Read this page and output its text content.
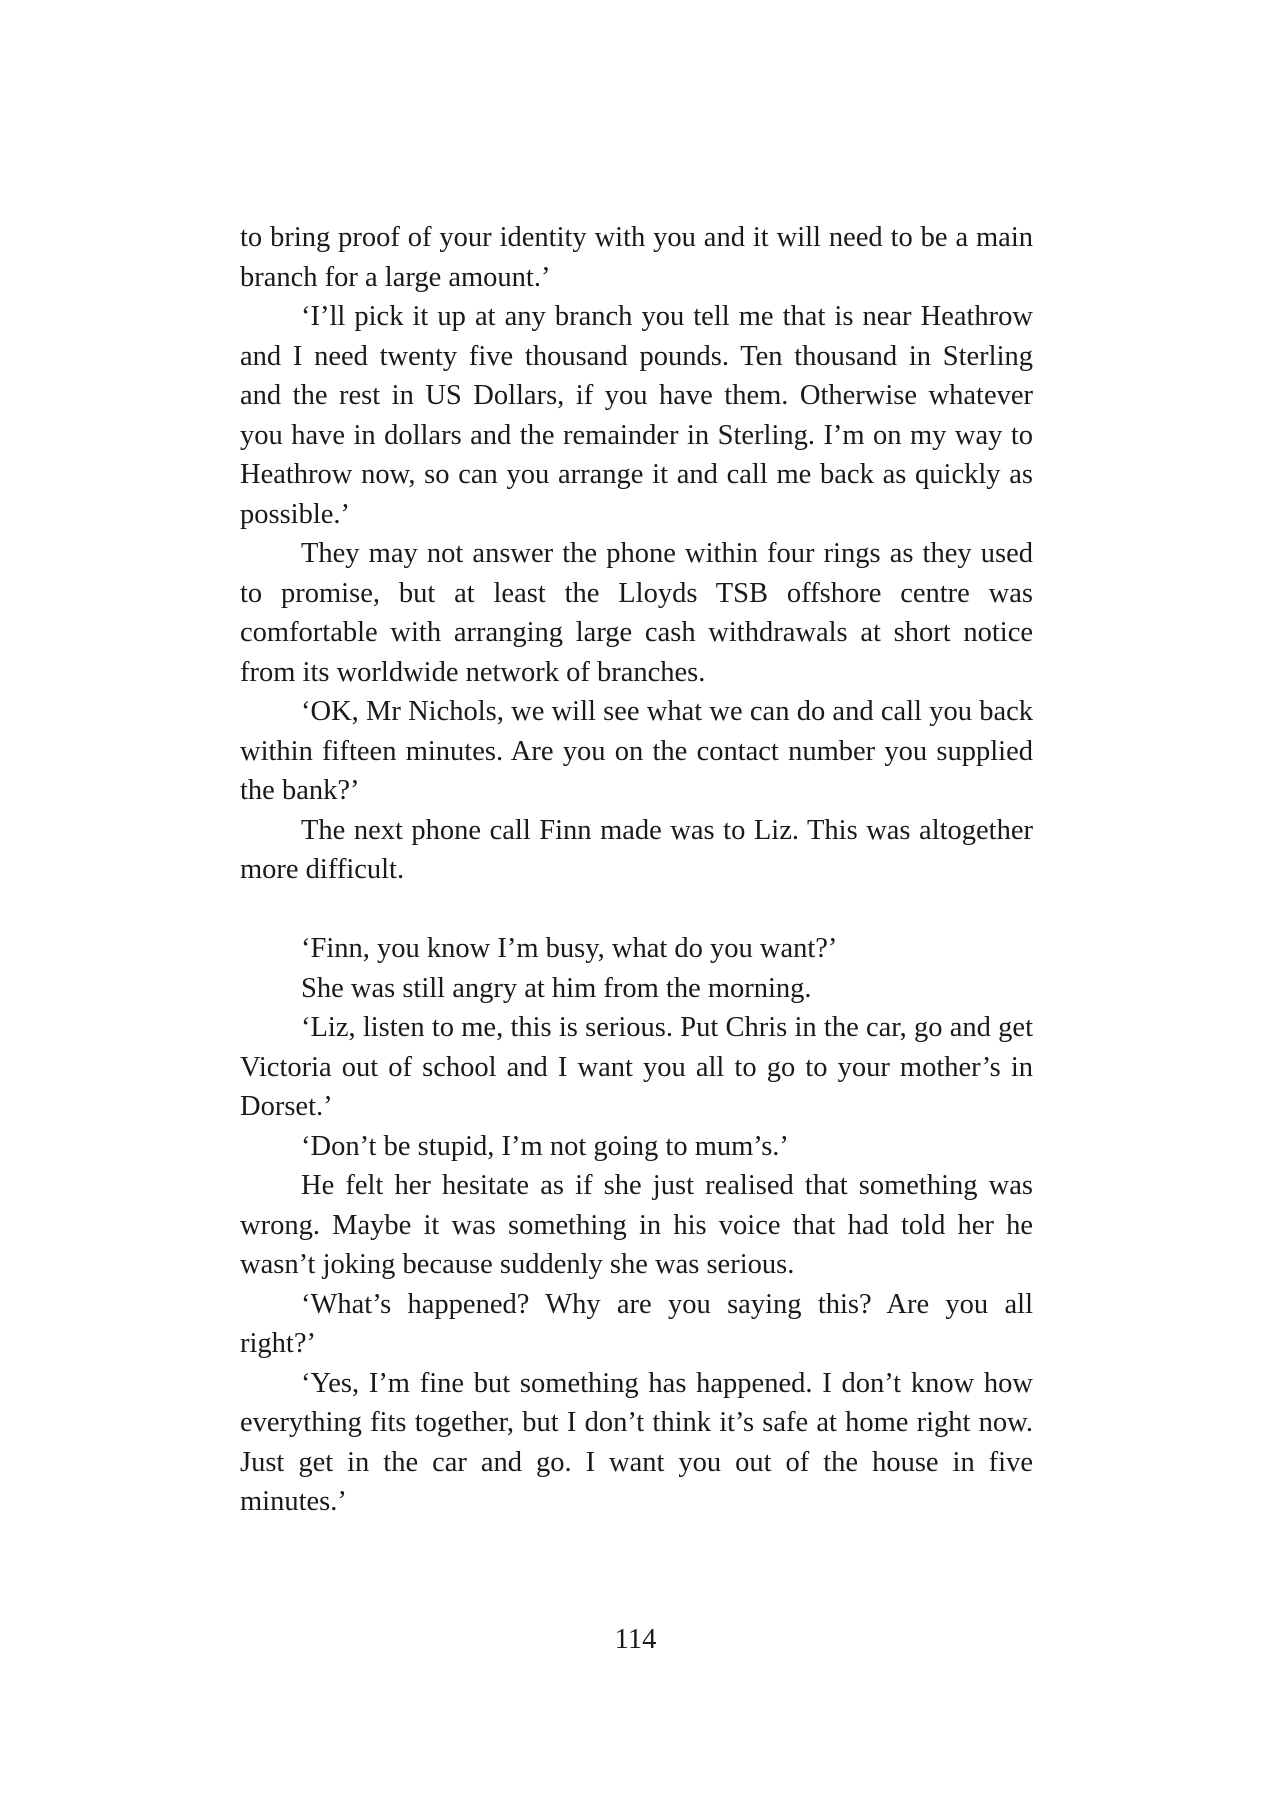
to bring proof of your identity with you and it will need to be a main branch for a large amount.’

‘I’ll pick it up at any branch you tell me that is near Heathrow and I need twenty five thousand pounds. Ten thousand in Sterling and the rest in US Dollars, if you have them. Otherwise whatever you have in dollars and the remainder in Sterling. I’m on my way to Heathrow now, so can you arrange it and call me back as quickly as possible.’

They may not answer the phone within four rings as they used to promise, but at least the Lloyds TSB offshore centre was comfortable with arranging large cash withdrawals at short notice from its worldwide network of branches.

‘OK, Mr Nichols, we will see what we can do and call you back within fifteen minutes. Are you on the contact number you supplied the bank?’

The next phone call Finn made was to Liz. This was altogether more difficult.

‘Finn, you know I’m busy, what do you want?’

She was still angry at him from the morning.

‘Liz, listen to me, this is serious. Put Chris in the car, go and get Victoria out of school and I want you all to go to your mother’s in Dorset.’

‘Don’t be stupid, I’m not going to mum’s.’

He felt her hesitate as if she just realised that something was wrong. Maybe it was something in his voice that had told her he wasn’t joking because suddenly she was serious.

‘What’s happened? Why are you saying this? Are you all right?’

‘Yes, I’m fine but something has happened. I don’t know how everything fits together, but I don’t think it’s safe at home right now. Just get in the car and go. I want you out of the house in five minutes.’

114
